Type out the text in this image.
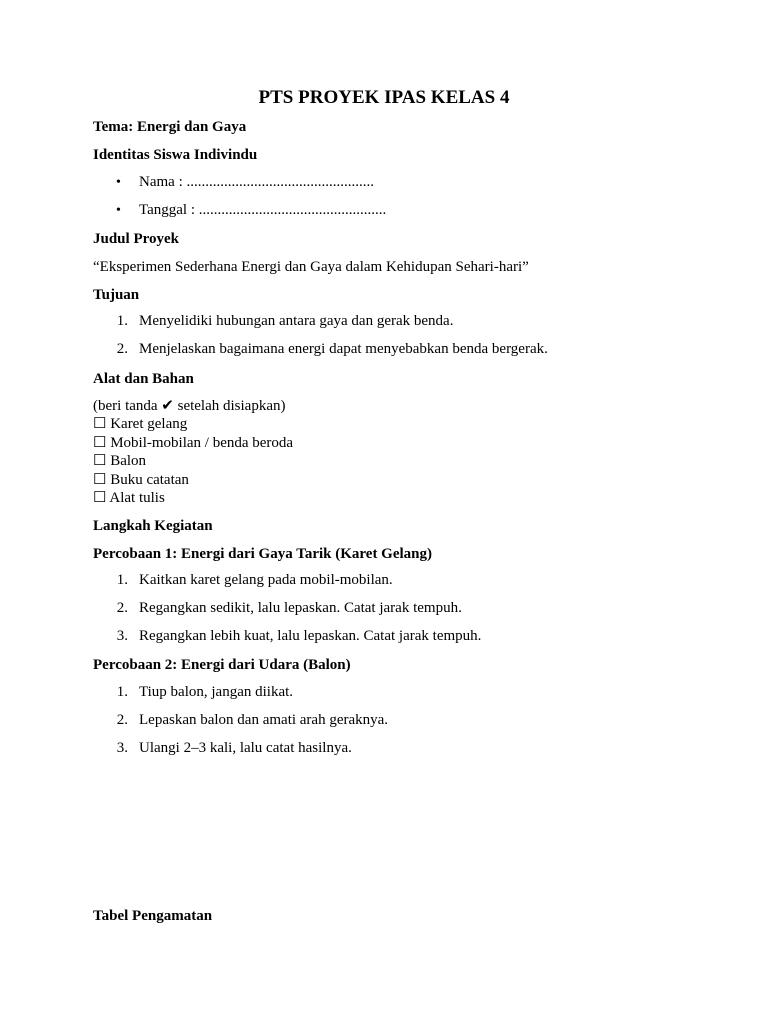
PTS PROYEK IPAS KELAS 4
Tema: Energi dan Gaya
Identitas Siswa Indivindu
• Nama : ..................................................
• Tanggal : ..................................................
Judul Proyek
“Eksperimen Sederhana Energi dan Gaya dalam Kehidupan Sehari-hari”
Tujuan
1. Menyelidiki hubungan antara gaya dan gerak benda.
2. Menjelaskan bagaimana energi dapat menyebabkan benda bergerak.
Alat dan Bahan
(beri tanda ✔ setelah disiapkan)
☐ Karet gelang
☐ Mobil-mobilan / benda beroda
☐ Balon
☐ Buku catatan
☐ Alat tulis
Langkah Kegiatan
Percobaan 1: Energi dari Gaya Tarik (Karet Gelang)
1. Kaitkan karet gelang pada mobil-mobilan.
2. Regangkan sedikit, lalu lepaskan. Catat jarak tempuh.
3. Regangkan lebih kuat, lalu lepaskan. Catat jarak tempuh.
Percobaan 2: Energi dari Udara (Balon)
1. Tiup balon, jangan diikat.
2. Lepaskan balon dan amati arah geraknya.
3. Ulangi 2–3 kali, lalu catat hasilnya.
Tabel Pengamatan
